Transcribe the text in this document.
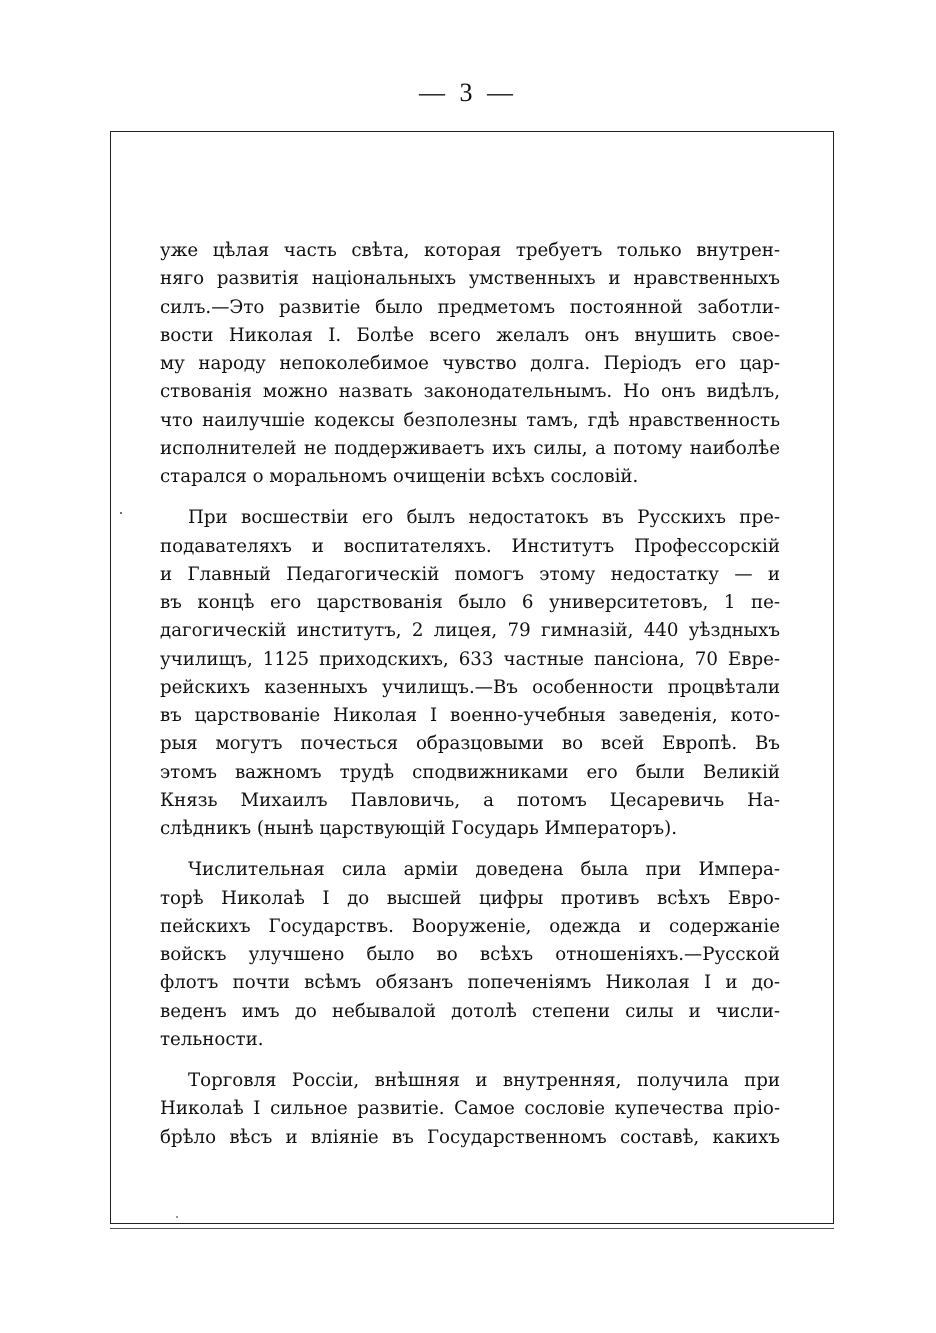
— 3 —
уже цѣлая часть свѣта, которая требуетъ только внутрен-
няго развитія національныхъ умственныхъ и нравственныхъ
силъ.—Это развитіе было предметомъ постоянной заботли-
вости Николая I. Болѣе всего желалъ онъ внушить свое-
му народу непоколебимое чувство долга. Періодъ его цар-
ствованія можно назвать законодательнымъ. Но онъ видѣлъ,
что наилучшіе кодексы безполезны тамъ, гдѣ нравственность
исполнителей не поддерживаетъ ихъ силы, а потому наиболѣе
старался о моральномъ очищеніи всѣхъ сословій.
При восшествіи его былъ недостатокъ въ Русскихъ пре-
подавателяхъ и воспитателяхъ. Институтъ Профессорскій
и Главный Педагогическій помогъ этому недостатку — и
въ концѣ его царствованія было 6 университетовъ, 1 пе-
дагогическій институтъ, 2 лицея, 79 гимназій, 440 уѣздныхъ
училищъ, 1125 приходскихъ, 633 частные пансіона, 70 Евре-
рейскихъ казенныхъ училищъ.—Въ особенности процвѣтали
въ царствованіе Николая I военно-учебныя заведенія, кото-
рыя могутъ почесться образцовыми во всей Европѣ. Въ
этомъ важномъ трудѣ сподвижниками его были Великій
Князь Михаилъ Павловичь, а потомъ Цесаревичь На-
слѣдникъ (нынѣ царствующій Государь Императоръ).
Числительная сила арміи доведена была при Импера-
торѣ Николаѣ I до высшей цифры противъ всѣхъ Евро-
пейскихъ Государствъ. Вооруженіе, одежда и содержаніе
войскъ улучшено было во всѣхъ отношеніяхъ.—Русской
флотъ почти всѣмъ обязанъ попеченіямъ Николая I и до-
веденъ имъ до небывалой дотолѣ степени силы и числи-
тельности.
Торговля Россіи, внѣшняя и внутренняя, получила при
Николаѣ I сильное развитіе. Самое сословіе купечества пріо-
брѣло вѣсъ и вліяніе въ Государственномъ составѣ, какихъ
